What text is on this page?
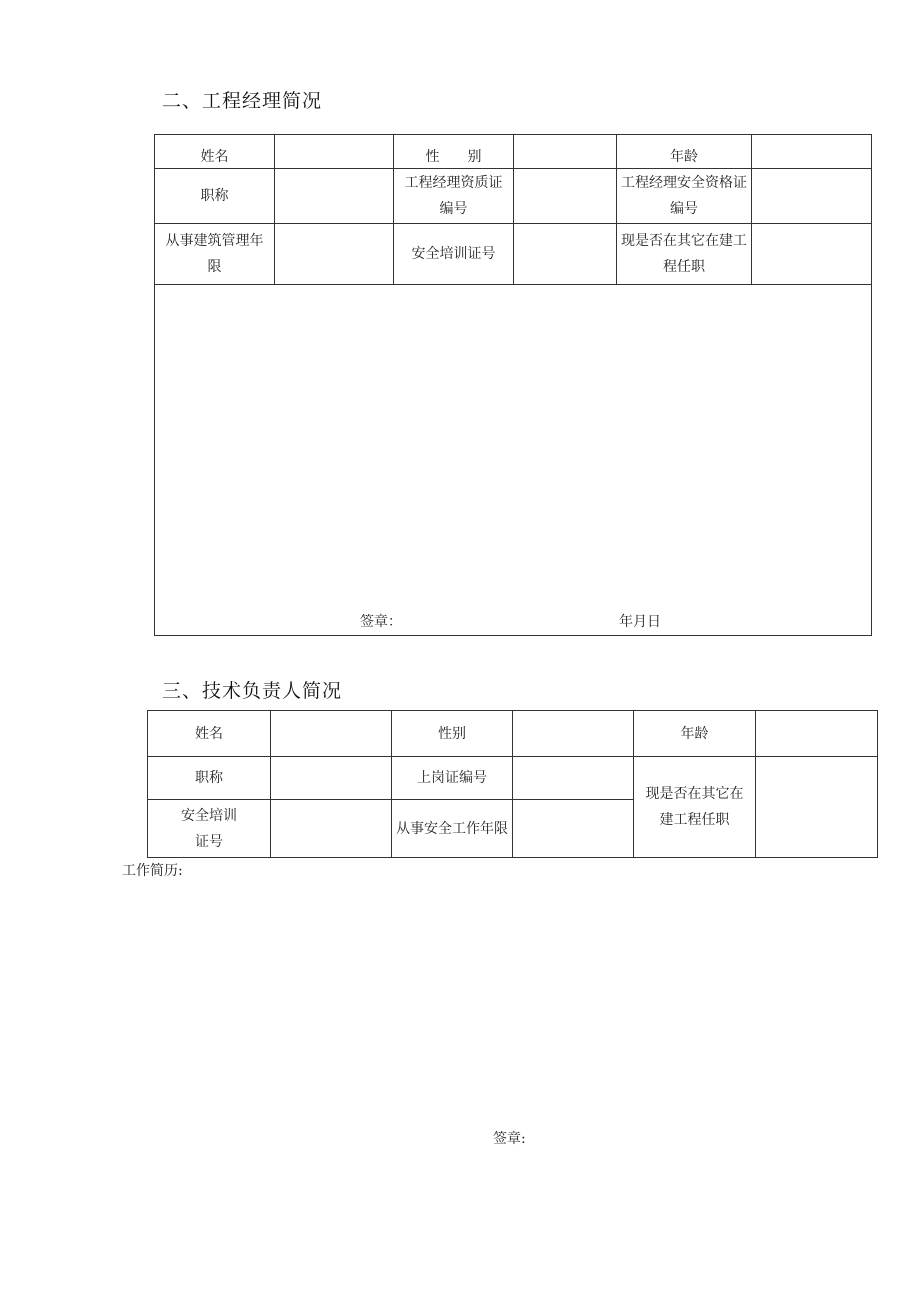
二、工程经理简况
姓名		性　　别		年龄	
职称		工程经理资质证编号		工程经理安全资格证编号	
从事建筑管理年限		安全培训证号		现是否在其它在建工程任职	

签章： 年月日					
三、技术负责人简况
姓名		性别		年龄	
职称		上岗证编号		现是否在其它在建工程任职	
安全培训证号		从事安全工作年限			
工作简历:
签章:
